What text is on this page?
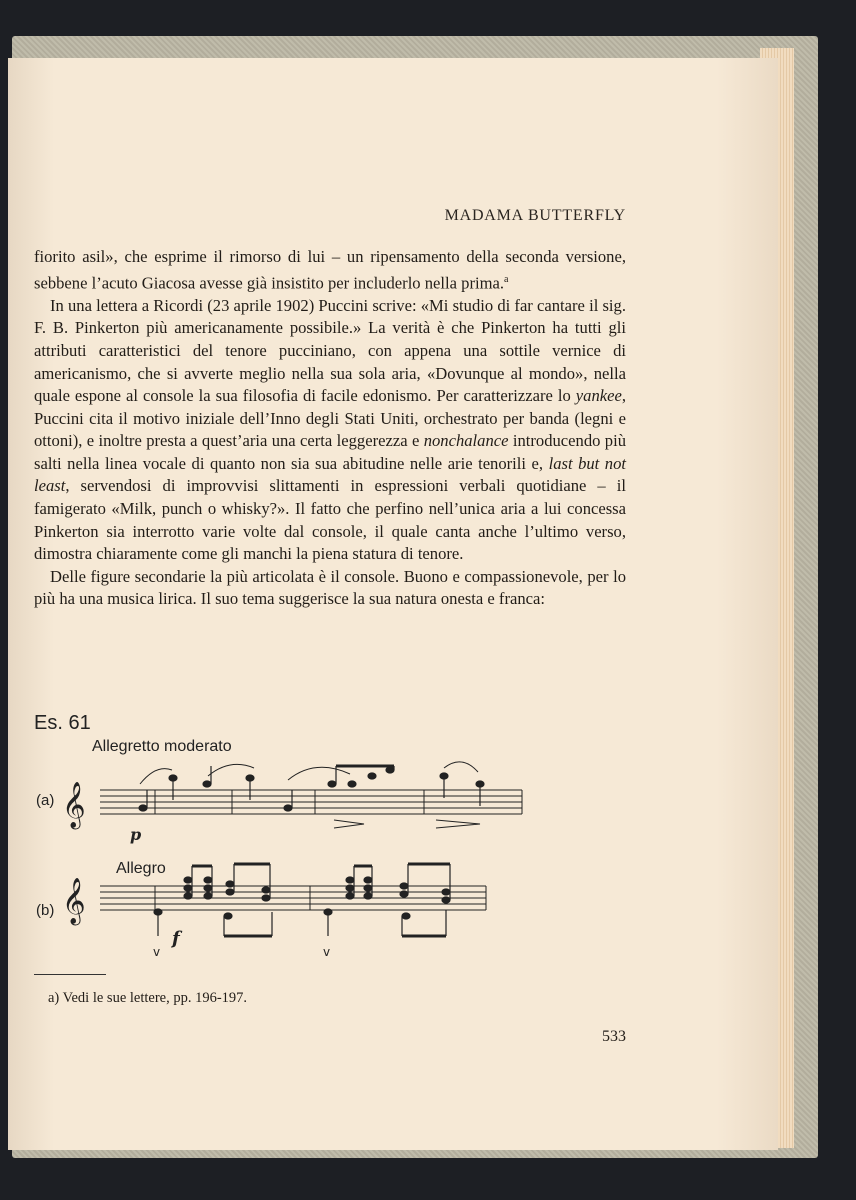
MADAMA BUTTERFLY

fiorito asil», che esprime il rimorso di lui – un ripensamento della seconda versione, sebbene l’acuto Giacosa avesse già insistito per includerlo nella prima.$^a$

In una lettera a Ricordi (23 aprile 1902) Puccini scrive: «Mi studio di far cantare il sig. F. B. Pinkerton più americanamente possibile.» La verità è che Pinkerton ha tutti gli attributi caratteristici del tenore pucciniano, con appena una sottile vernice di americanismo, che si avverte meglio nella sua sola aria, «Dovunque al mondo», nella quale espone al console la sua filosofia di facile edonismo. Per caratterizzare lo yankee, Puccini cita il motivo iniziale dell’Inno degli Stati Uniti, orchestrato per banda (legni e ottoni), e inoltre presta a quest’aria una certa leggerezza e nonchalance introducendo più salti nella linea vocale di quanto non sia sua abitudine nelle arie tenorili e, last but not least, servendosi di improvvisi slittamenti in espressioni verbali quotidiane – il famigerato «Milk, punch o whisky?». Il fatto che perfino nell’unica aria a lui concessa Pinkerton sia interrotto varie volte dal console, il quale canta anche l’ultimo verso, dimostra chiaramente come gli manchi la piena statura di tenore.

Delle figure secondarie la più articolata è il console. Buono e compassionevole, per lo più ha una musica lirica. Il suo tema suggerisce la sua natura onesta e franca:

Es. 61
Allegretto moderato
(a)
Allegro
(b)
𝄞
p
𝄞
f
v	v
a) Vedi le sue lettere, pp. 196-197.
533
